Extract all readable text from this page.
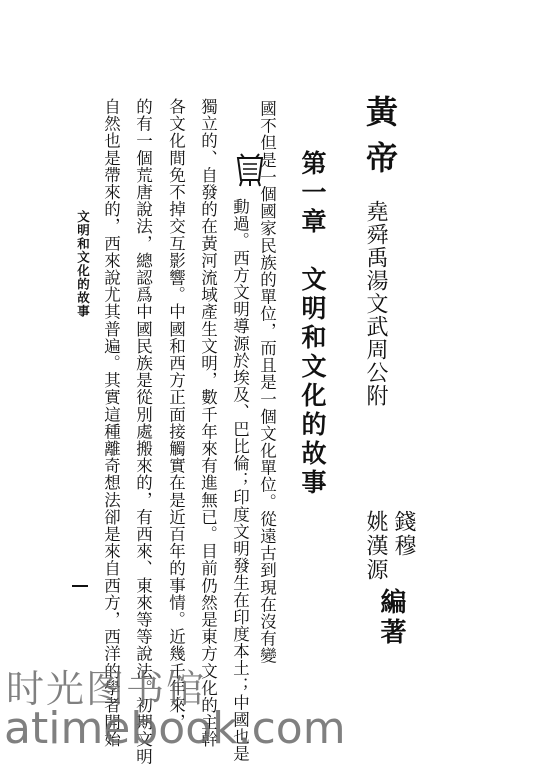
黃帝
堯舜禹湯文武周公附
錢穆
姚漢源
編著
第一章　文明和文化的故事
國不但是一個國家民族的單位，而且是一個文化單位。從遠古到現在沒有變
動過。西方文明導源於埃及、巴比倫；印度文明發生在印度本土；中國也是
獨立的、自發的在黃河流域產生文明，數千年來有進無已。目前仍然是東方文化的主幹
各文化間免不掉交互影響。中國和西方正面接觸實在是近百年的事情。近幾千年來，
的有一個荒唐說法，總認爲中國民族是從別處搬來的，有西來、東來等等說法。初期文明
自然也是帶來的，西來說尤其普遍。其實這種離奇想法卻是來自西方，西洋的學者開始
文明和文化的故事
时光图书馆
atimebook.com
